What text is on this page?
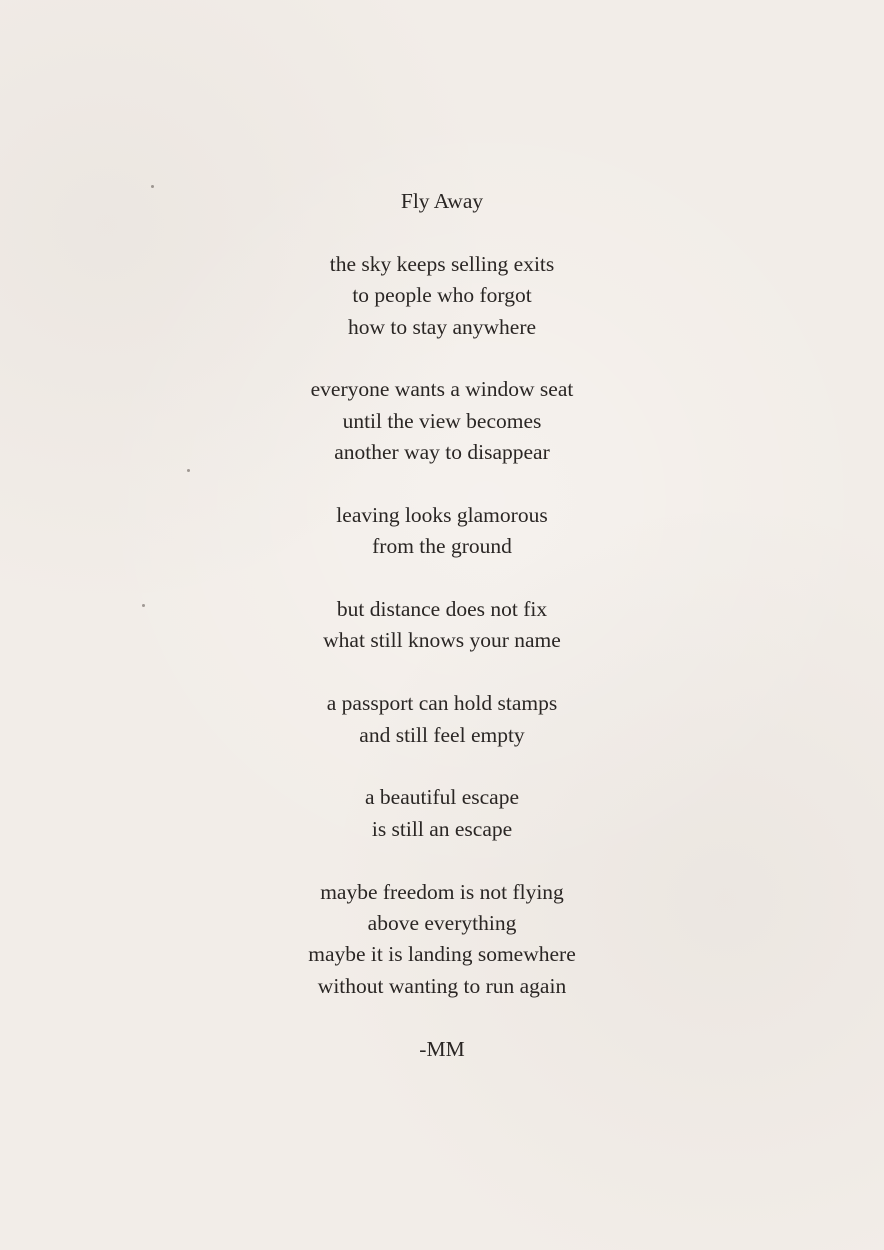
Fly Away
the sky keeps selling exits
to people who forgot
how to stay anywhere
everyone wants a window seat
until the view becomes
another way to disappear
leaving looks glamorous
from the ground
but distance does not fix
what still knows your name
a passport can hold stamps
and still feel empty
a beautiful escape
is still an escape
maybe freedom is not flying
above everything
maybe it is landing somewhere
without wanting to run again
-MM
